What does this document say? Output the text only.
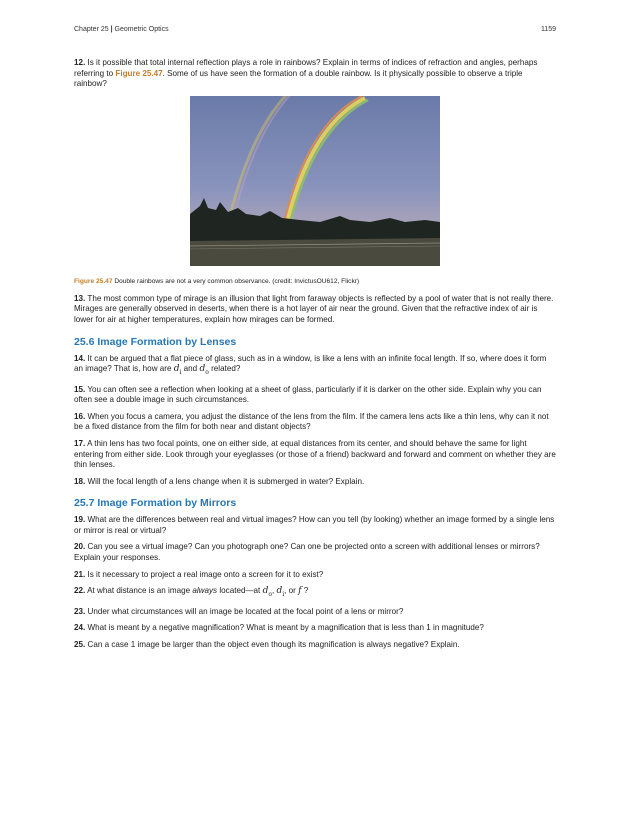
Chapter 25 | Geometric Optics	1159

12. Is it possible that total internal reflection plays a role in rainbows? Explain in terms of indices of refraction and angles, perhaps referring to Figure 25.47. Some of us have seen the formation of a double rainbow. Is it physically possible to observe a triple rainbow?

Figure 25.47 Double rainbows are not a very common observance. (credit: InvictusOU612, Flickr)

13. The most common type of mirage is an illusion that light from faraway objects is reflected by a pool of water that is not really there. Mirages are generally observed in deserts, when there is a hot layer of air near the ground. Given that the refractive index of air is lower for air at higher temperatures, explain how mirages can be formed.

25.6 Image Formation by Lenses

14. It can be argued that a flat piece of glass, such as in a window, is like a lens with an infinite focal length. If so, where does it form an image? That is, how are $d_i$ and $d_o$ related?

15. You can often see a reflection when looking at a sheet of glass, particularly if it is darker on the other side. Explain why you can often see a double image in such circumstances.

16. When you focus a camera, you adjust the distance of the lens from the film. If the camera lens acts like a thin lens, why can it not be a fixed distance from the film for both near and distant objects?

17. A thin lens has two focal points, one on either side, at equal distances from its center, and should behave the same for light entering from either side. Look through your eyeglasses (or those of a friend) backward and forward and comment on whether they are thin lenses.

18. Will the focal length of a lens change when it is submerged in water? Explain.

25.7 Image Formation by Mirrors

19. What are the differences between real and virtual images? How can you tell (by looking) whether an image formed by a single lens or mirror is real or virtual?

20. Can you see a virtual image? Can you photograph one? Can one be projected onto a screen with additional lenses or mirrors? Explain your responses.

21. Is it necessary to project a real image onto a screen for it to exist?

22. At what distance is an image always located—at $d_o$, $d_i$, or f ?

23. Under what circumstances will an image be located at the focal point of a lens or mirror?

24. What is meant by a negative magnification? What is meant by a magnification that is less than 1 in magnitude?

25. Can a case 1 image be larger than the object even though its magnification is always negative? Explain.
